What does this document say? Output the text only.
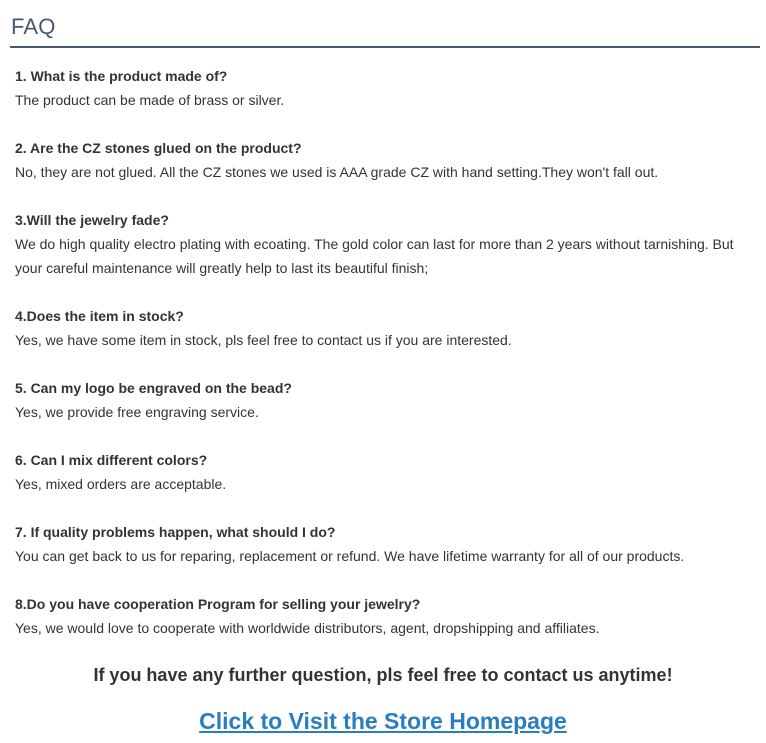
FAQ
1. What is the product made of?
The product can be made of brass or silver.
2. Are the CZ stones glued on the product?
No, they are not glued. All the CZ stones we used is AAA grade CZ with hand setting.They won't fall out.
3.Will the jewelry fade?
We do high quality electro plating with ecoating. The gold color can last for more than 2 years without tarnishing. But your careful maintenance will greatly help to last its beautiful finish;
4.Does the item in stock?
Yes, we have some item in stock, pls feel free to contact us if you are interested.
5. Can my logo be engraved on the bead?
Yes, we provide free engraving service.
6. Can I mix different colors?
Yes, mixed orders are acceptable.
7. If quality problems happen, what should I do?
You can get back to us for reparing, replacement or refund. We have lifetime warranty for all of our products.
8.Do you have cooperation Program for selling your jewelry?
Yes, we would love to cooperate with worldwide distributors, agent, dropshipping and affiliates.
If you have any further question, pls feel free to contact us anytime!
Click to Visit the Store Homepage
